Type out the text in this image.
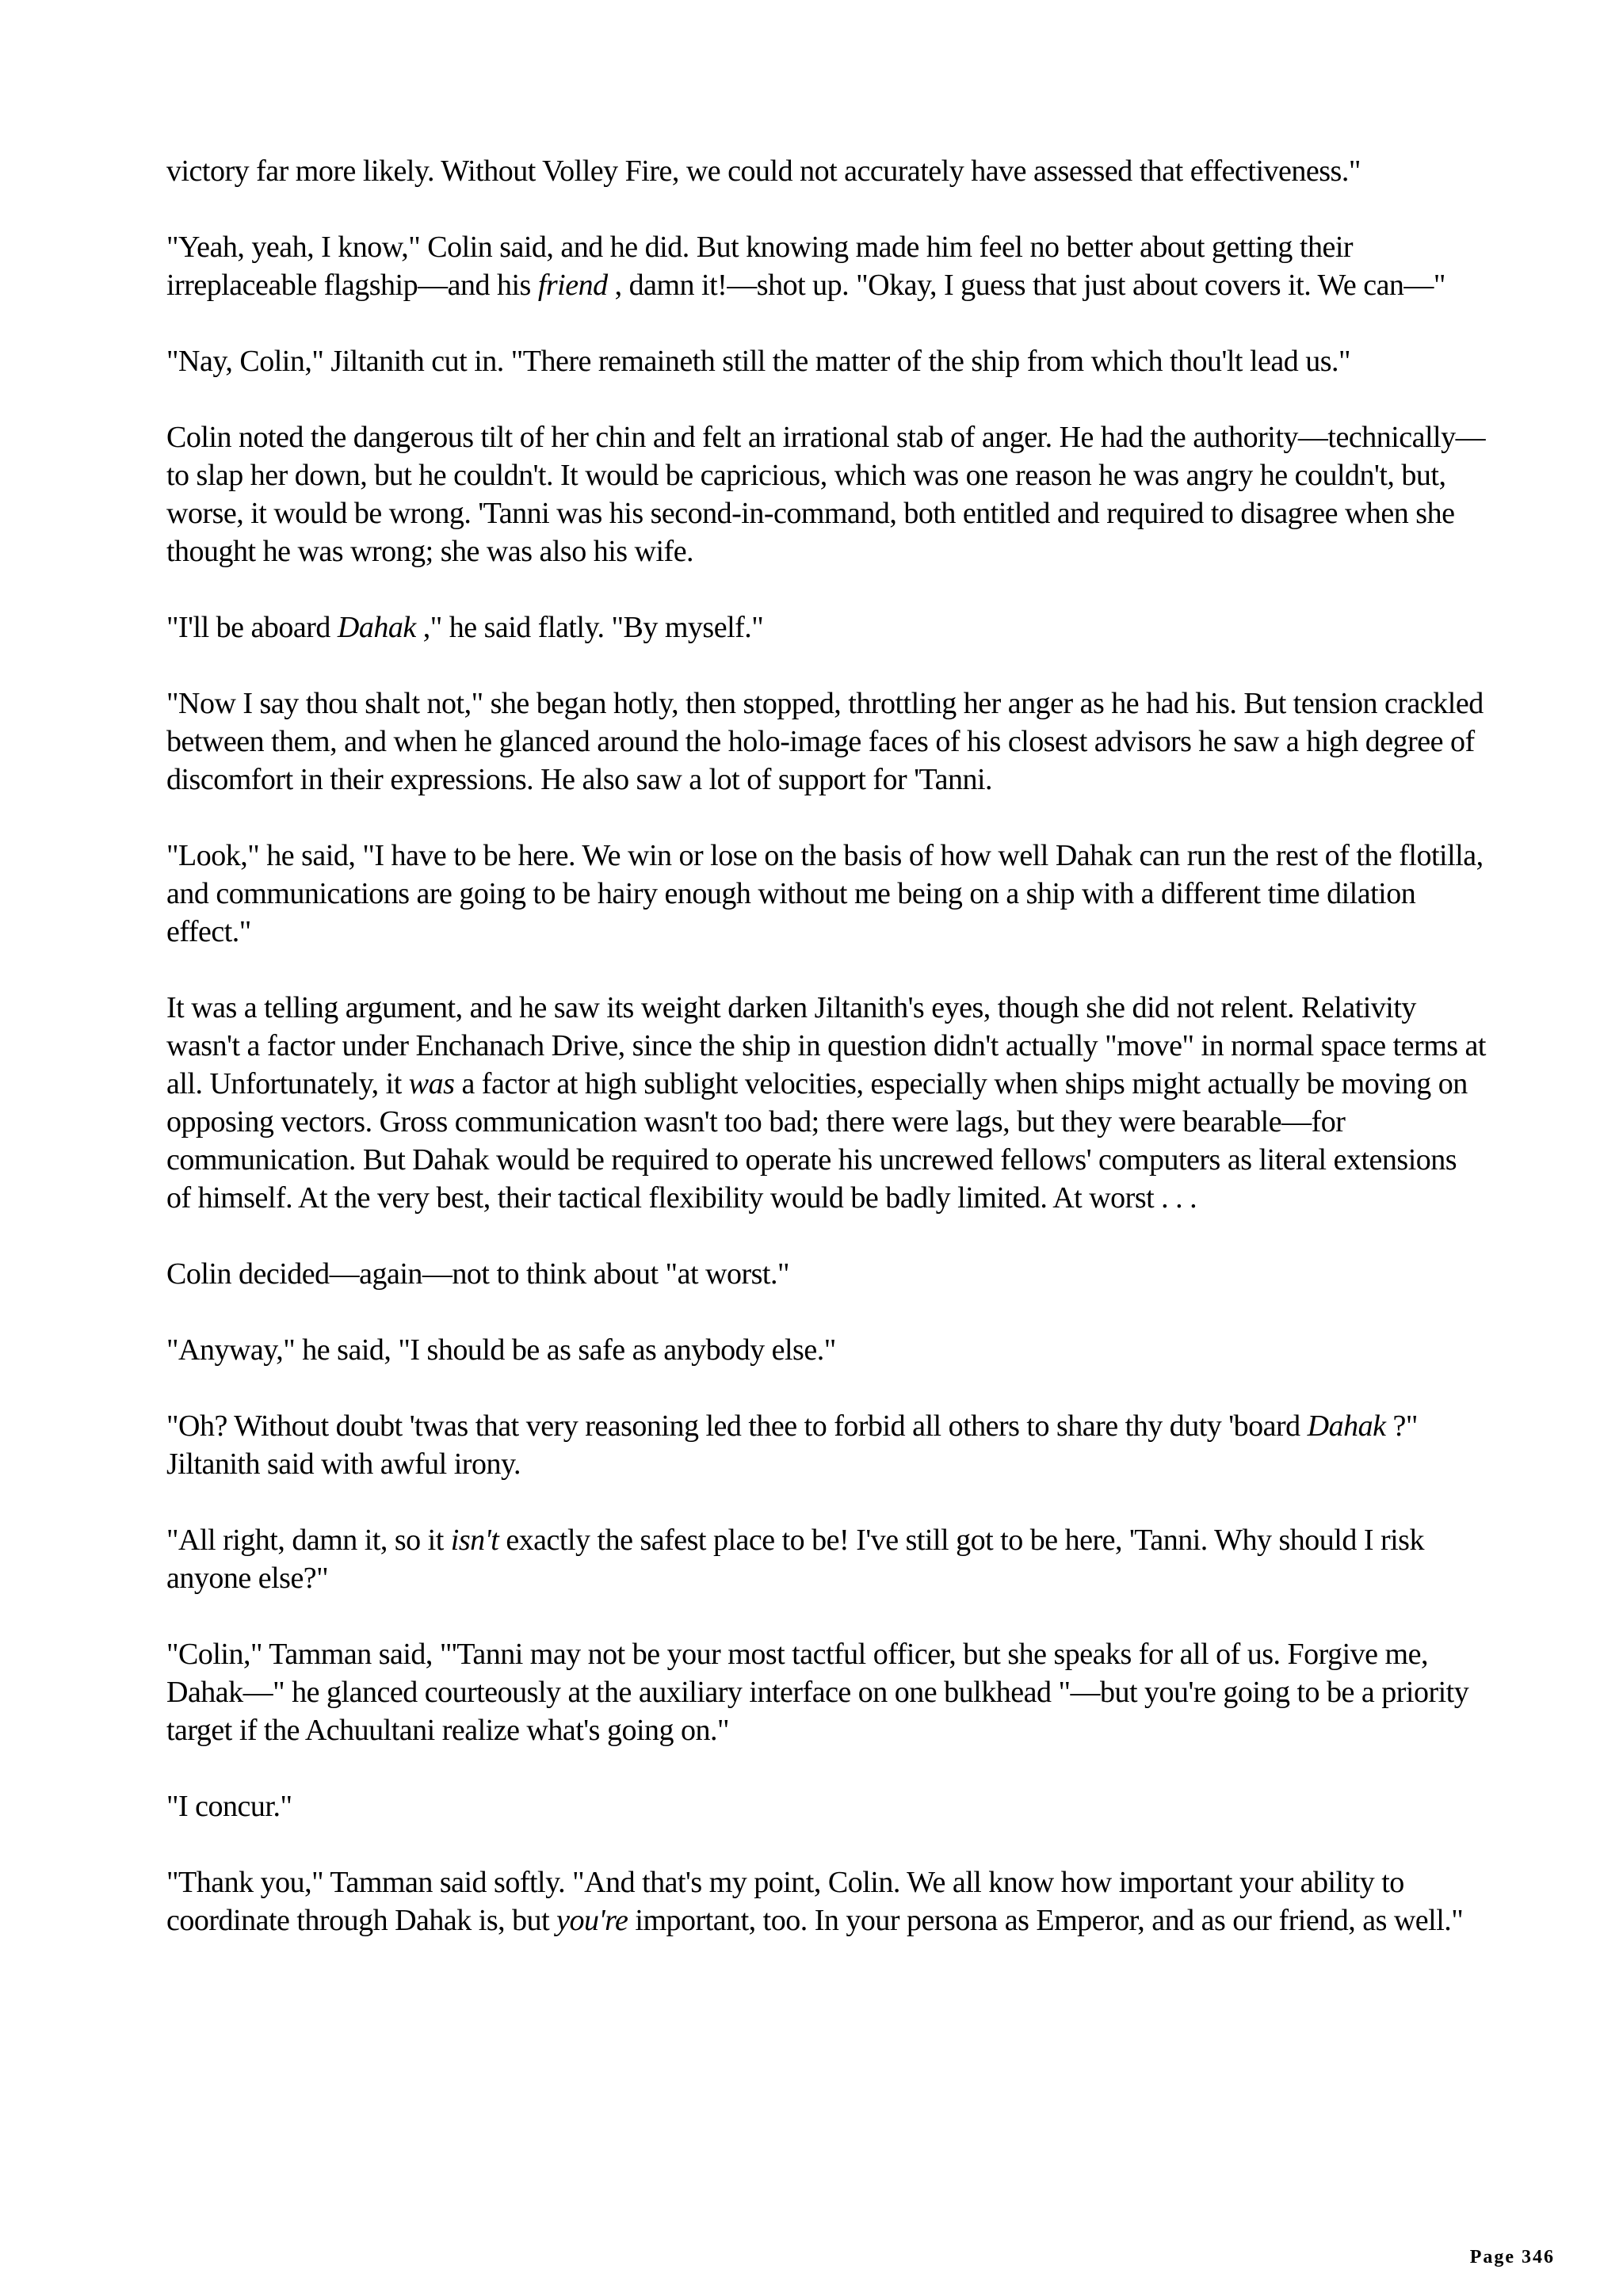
victory far more likely. Without Volley Fire, we could not accurately have assessed that effectiveness."

"Yeah, yeah, I know," Colin said, and he did. But knowing made him feel no better about getting their irreplaceable flagship—and his friend , damn it!—shot up. "Okay, I guess that just about covers it. We can—"

"Nay, Colin," Jiltanith cut in. "There remaineth still the matter of the ship from which thou'lt lead us."

Colin noted the dangerous tilt of her chin and felt an irrational stab of anger. He had the authority—technically—to slap her down, but he couldn't. It would be capricious, which was one reason he was angry he couldn't, but, worse, it would be wrong. 'Tanni was his second-in-command, both entitled and required to disagree when she thought he was wrong; she was also his wife.

"I'll be aboard Dahak ," he said flatly. "By myself."

"Now I say thou shalt not," she began hotly, then stopped, throttling her anger as he had his. But tension crackled between them, and when he glanced around the holo-image faces of his closest advisors he saw a high degree of discomfort in their expressions. He also saw a lot of support for 'Tanni.

"Look," he said, "I have to be here. We win or lose on the basis of how well Dahak can run the rest of the flotilla, and communications are going to be hairy enough without me being on a ship with a different time dilation effect."

It was a telling argument, and he saw its weight darken Jiltanith's eyes, though she did not relent. Relativity wasn't a factor under Enchanach Drive, since the ship in question didn't actually "move" in normal space terms at all. Unfortunately, it was a factor at high sublight velocities, especially when ships might actually be moving on opposing vectors. Gross communication wasn't too bad; there were lags, but they were bearable—for communication. But Dahak would be required to operate his uncrewed fellows' computers as literal extensions of himself. At the very best, their tactical flexibility would be badly limited. At worst . . .

Colin decided—again—not to think about "at worst."

"Anyway," he said, "I should be as safe as anybody else."

"Oh? Without doubt 'twas that very reasoning led thee to forbid all others to share thy duty 'board Dahak ?" Jiltanith said with awful irony.

"All right, damn it, so it isn't exactly the safest place to be! I've still got to be here, 'Tanni. Why should I risk anyone else?"

"Colin," Tamman said, "'Tanni may not be your most tactful officer, but she speaks for all of us. Forgive me, Dahak—" he glanced courteously at the auxiliary interface on one bulkhead "—but you're going to be a priority target if the Achuultani realize what's going on."

"I concur."

"Thank you," Tamman said softly. "And that's my point, Colin. We all know how important your ability to coordinate through Dahak is, but you're important, too. In your persona as Emperor, and as our friend, as well."

Page 346
